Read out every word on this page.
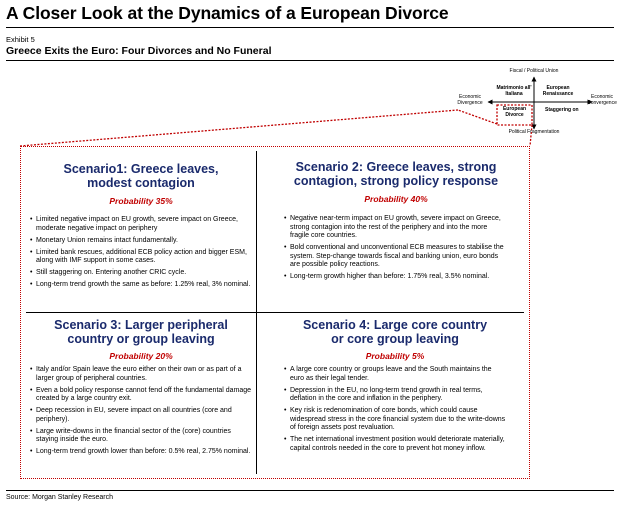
A Closer Look at the Dynamics of a European Divorce
Exhibit 5
Greece Exits the Euro: Four Divorces and No Funeral
Fiscal / Political Union
Political Fragmentation
Economic
Divergence
Economic
Convergence
Matrimonio all'
Italiana
European
Renaissance
European
Divorce
Staggering on
Scenario1: Greece leaves,
modest contagion
Probability 35%
• Limited negative impact on EU growth, severe impact on Greece, moderate negative impact on periphery
• Monetary Union remains intact fundamentally.
• Limited bank rescues, additional ECB policy action and bigger ESM, along with IMF support in some cases.
• Still staggering on. Entering another CRIC cycle.
• Long-term trend growth the same as before: 1.25% real, 3% nominal.
Scenario 2: Greece leaves, strong
contagion, strong policy response
Probability 40%
• Negative near-term impact on EU growth, severe impact on Greece, strong contagion into the rest of the periphery and into the more fragile core countries.
• Bold conventional and unconventional ECB measures to stabilise the system. Step-change towards fiscal and banking union, euro bonds are possible policy reactions.
• Long-term growth higher than before: 1.75% real, 3.5% nominal.
Scenario 3: Larger peripheral
country or group leaving
Probability 20%
• Italy and/or Spain leave the euro either on their own or as part of a larger group of peripheral countries.
• Even a bold policy response cannot fend off the fundamental damage created by a large country exit.
• Deep recession in EU, severe impact on all countries (core and periphery).
• Large write-downs in the financial sector of the (core) countries staying inside the euro.
• Long-term trend growth lower than before: 0.5% real, 2.75% nominal.
Scenario 4: Large core country
or core group leaving
Probability 5%
• A large core country or groups leave and the South maintains the euro as their legal tender.
• Depression in the EU, no long-term trend growth in real terms, deflation in the core and inflation in the periphery.
• Key risk is redenomination of core bonds, which could cause widespread stress in the core financial system due to the write-downs of foreign assets post revaluation.
• The net international investment position would deteriorate materially, capital controls needed in the core to prevent hot money inflow.
Source: Morgan Stanley Research
